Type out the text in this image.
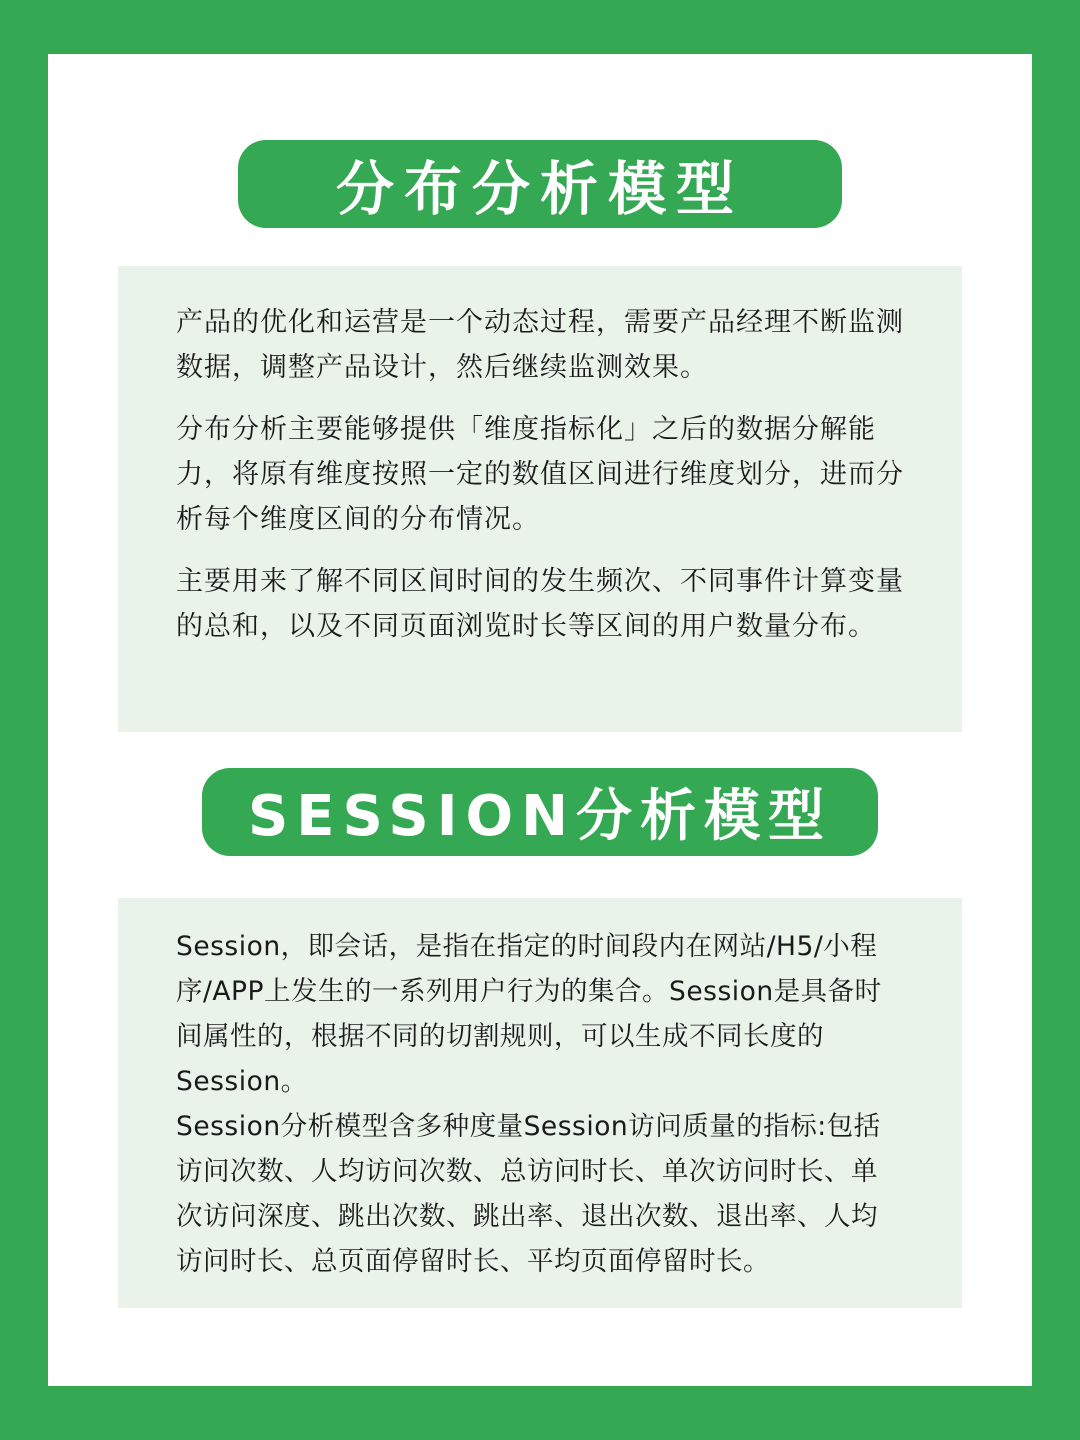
分布分析模型

产品的优化和运营是一个动态过程，需要产品经理不断监测数据，调整产品设计，然后继续监测效果。

分布分析主要能够提供「维度指标化」之后的数据分解能力，将原有维度按照一定的数值区间进行维度划分，进而分析每个维度区间的分布情况。

主要用来了解不同区间时间的发生频次、不同事件计算变量的总和，以及不同页面浏览时长等区间的用户数量分布。

SESSION分析模型

Session，即会话，是指在指定的时间段内在网站/H5/小程序/APP上发生的一系列用户行为的集合。Session是具备时间属性的，根据不同的切割规则，可以生成不同长度的 Session。

Session分析模型含多种度量Session访问质量的指标:包括访问次数、人均访问次数、总访问时长、单次访问时长、单次访问深度、跳出次数、跳出率、退出次数、退出率、人均访问时长、总页面停留时长、平均页面停留时长。
